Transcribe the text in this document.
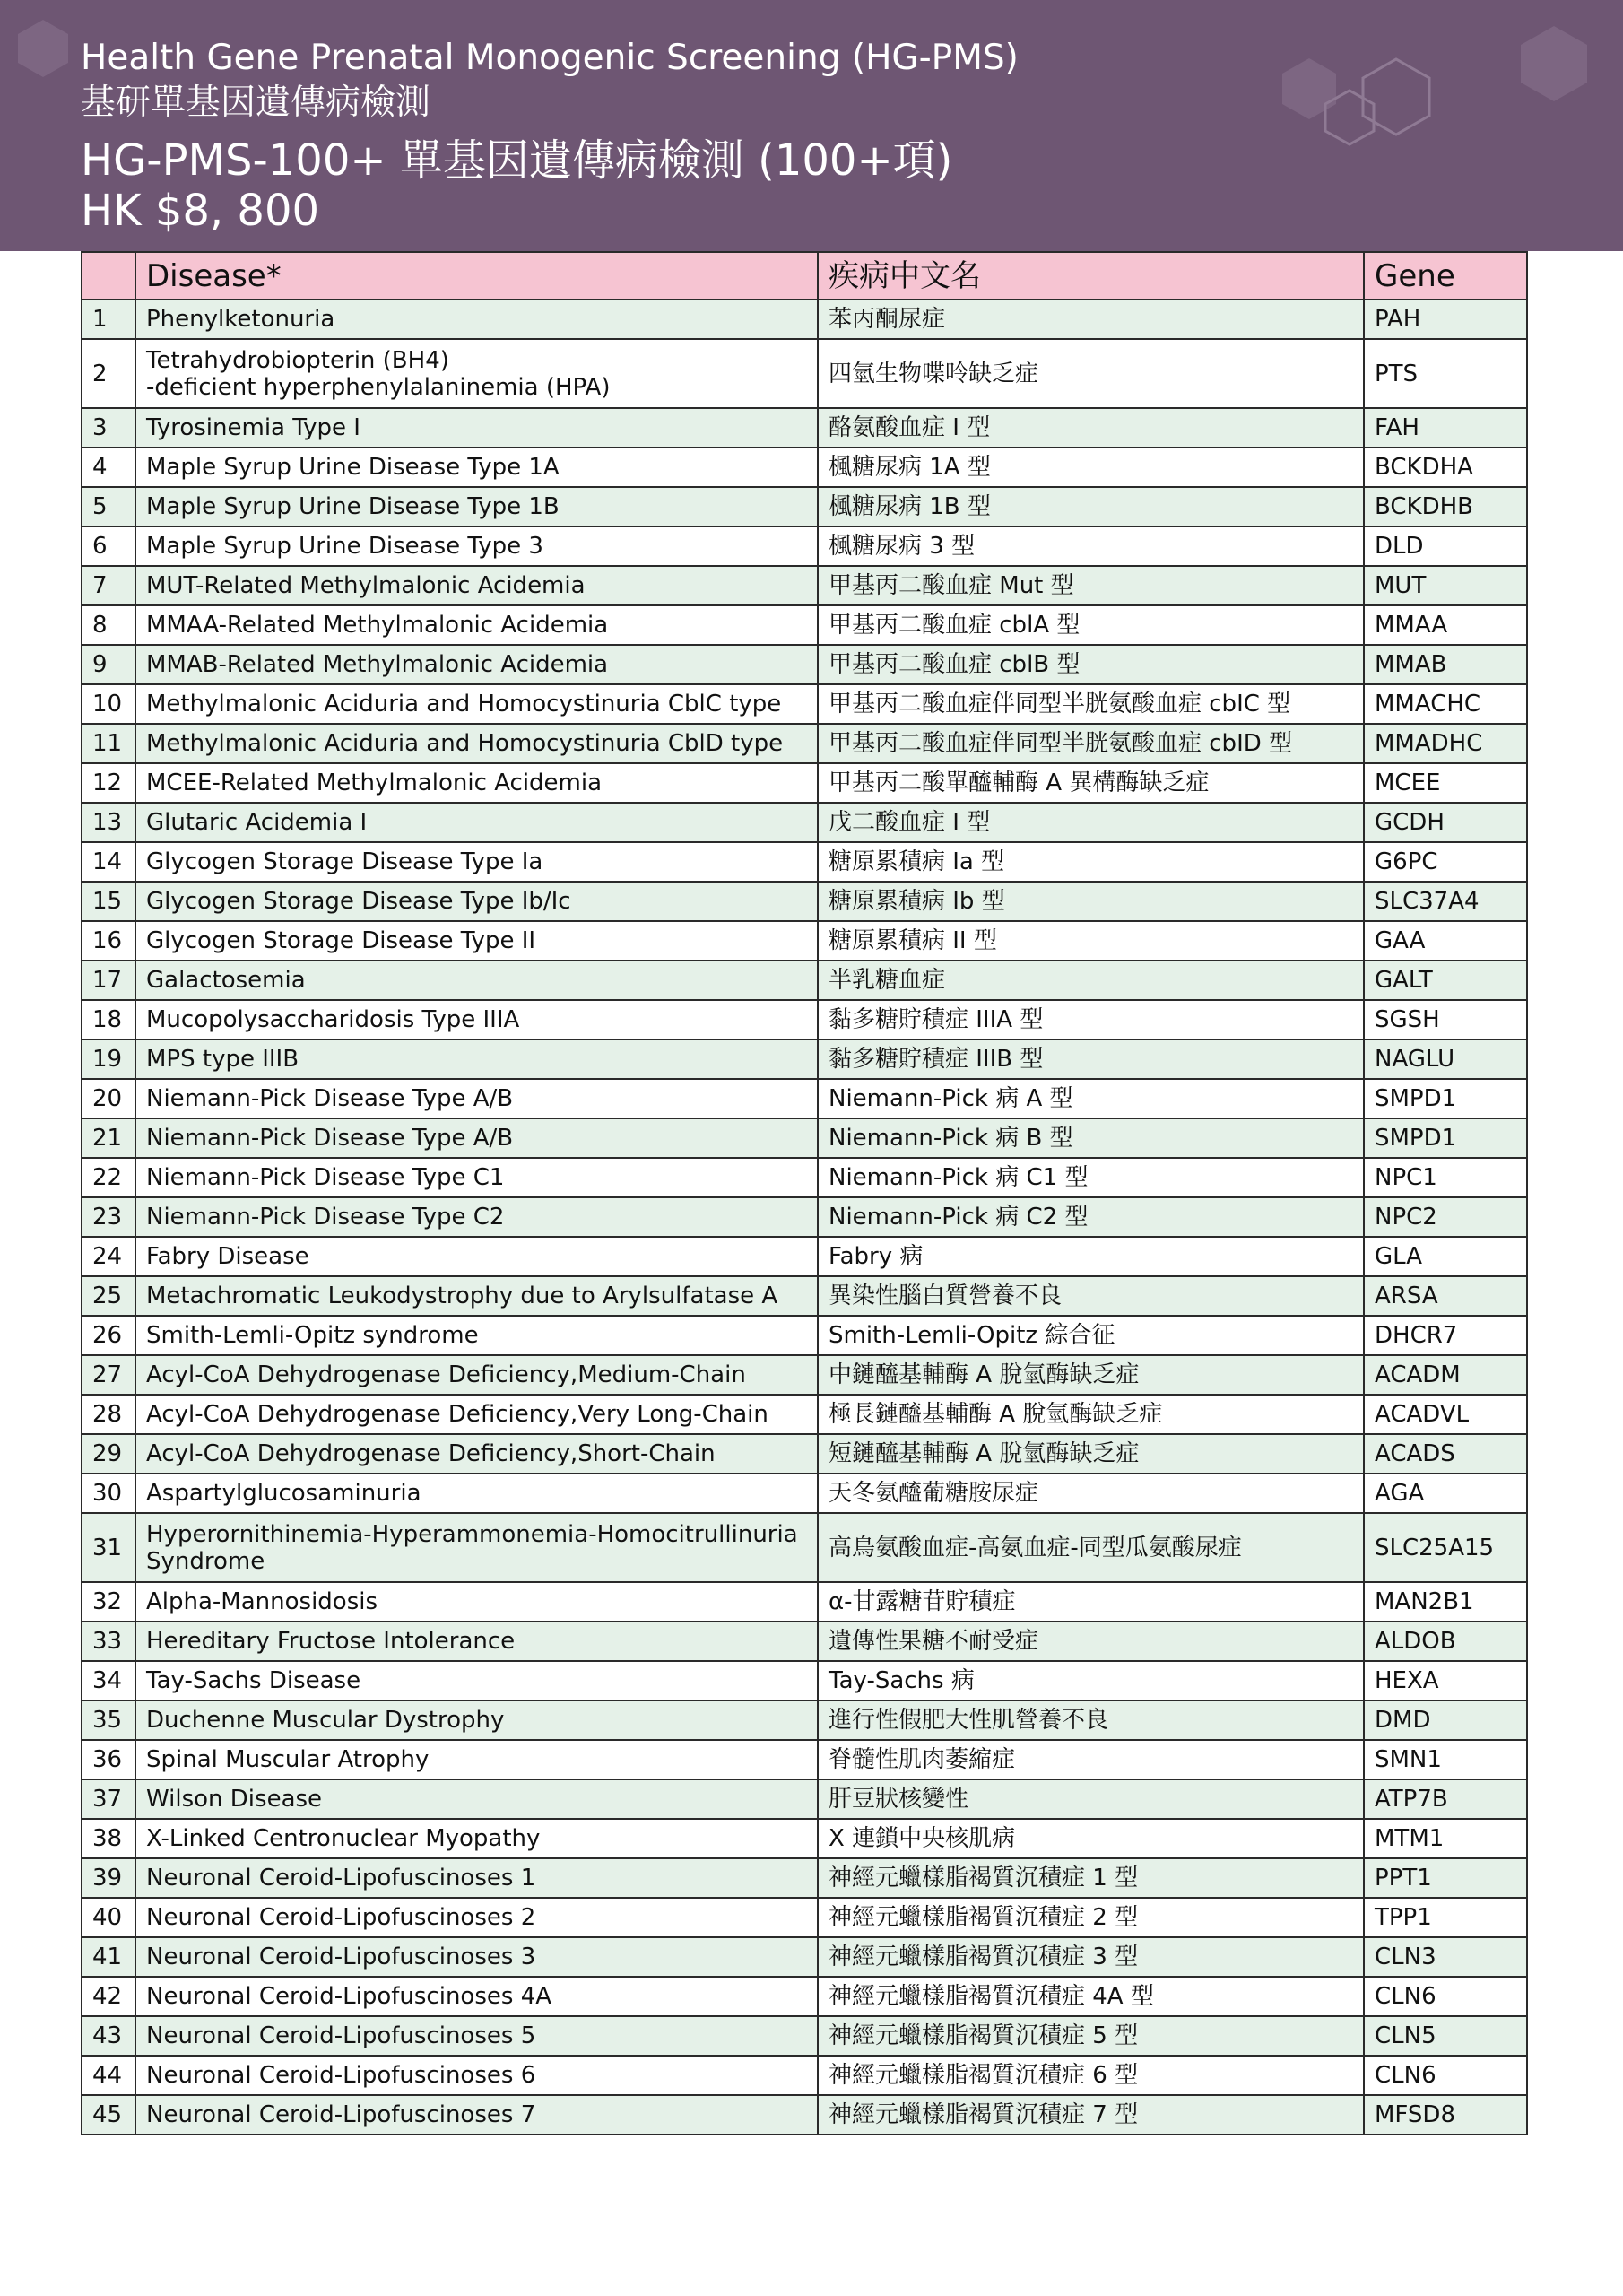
Health Gene Prenatal Monogenic Screening (HG-PMS)
基研單基因遺傳病檢測
HG-PMS-100+ 單基因遺傳病檢測 (100+項)
HK $8, 800
	Disease*	疾病中文名	Gene
1	Phenylketonuria	苯丙酮尿症	PAH
2	Tetrahydrobiopterin (BH4)
-deficient hyperphenylalaninemia (HPA)	四氫生物喋呤缺乏症	PTS
3	Tyrosinemia Type I	酪氨酸血症 I 型	FAH
4	Maple Syrup Urine Disease Type 1A	楓糖尿病 1A 型	BCKDHA
5	Maple Syrup Urine Disease Type 1B	楓糖尿病 1B 型	BCKDHB
6	Maple Syrup Urine Disease Type 3	楓糖尿病 3 型	DLD
7	MUT-Related Methylmalonic Acidemia	甲基丙二酸血症 Mut 型	MUT
8	MMAA-Related Methylmalonic Acidemia	甲基丙二酸血症 cblA 型	MMAA
9	MMAB-Related Methylmalonic Acidemia	甲基丙二酸血症 cblB 型	MMAB
10	Methylmalonic Aciduria and Homocystinuria CblC type	甲基丙二酸血症伴同型半胱氨酸血症 cbIC 型	MMACHC
11	Methylmalonic Aciduria and Homocystinuria CblD type	甲基丙二酸血症伴同型半胱氨酸血症 cbID 型	MMADHC
12	MCEE-Related Methylmalonic Acidemia	甲基丙二酸單醯輔酶 A 異構酶缺乏症	MCEE
13	Glutaric Acidemia I	戊二酸血症 I 型	GCDH
14	Glycogen Storage Disease Type Ia	糖原累積病 Ia 型	G6PC
15	Glycogen Storage Disease Type Ib/Ic	糖原累積病 Ib 型	SLC37A4
16	Glycogen Storage Disease Type II	糖原累積病 II 型	GAA
17	Galactosemia	半乳糖血症	GALT
18	Mucopolysaccharidosis Type IIIA	黏多糖貯積症 IIIA 型	SGSH
19	MPS type IIIB	黏多糖貯積症 IIIB 型	NAGLU
20	Niemann-Pick Disease Type A/B	Niemann-Pick 病 A 型	SMPD1
21	Niemann-Pick Disease Type A/B	Niemann-Pick 病 B 型	SMPD1
22	Niemann-Pick Disease Type C1	Niemann-Pick 病 C1 型	NPC1
23	Niemann-Pick Disease Type C2	Niemann-Pick 病 C2 型	NPC2
24	Fabry Disease	Fabry 病	GLA
25	Metachromatic Leukodystrophy due to Arylsulfatase A	異染性腦白質營養不良	ARSA
26	Smith-Lemli-Opitz syndrome	Smith-Lemli-Opitz 綜合征	DHCR7
27	Acyl-CoA Dehydrogenase Deficiency,Medium-Chain	中鏈醯基輔酶 A 脫氫酶缺乏症	ACADM
28	Acyl-CoA Dehydrogenase Deficiency,Very Long-Chain	極長鏈醯基輔酶 A 脫氫酶缺乏症	ACADVL
29	Acyl-CoA Dehydrogenase Deficiency,Short-Chain	短鏈醯基輔酶 A 脫氫酶缺乏症	ACADS
30	Aspartylglucosaminuria	天冬氨醯葡糖胺尿症	AGA
31	Hyperornithinemia-Hyperammonemia-Homocitrullinuria
Syndrome	高鳥氨酸血症-高氨血症-同型瓜氨酸尿症	SLC25A15
32	Alpha-Mannosidosis	α-甘露糖苷貯積症	MAN2B1
33	Hereditary Fructose Intolerance	遺傳性果糖不耐受症	ALDOB
34	Tay-Sachs Disease	Tay-Sachs 病	HEXA
35	Duchenne Muscular Dystrophy	進行性假肥大性肌營養不良	DMD
36	Spinal Muscular Atrophy	脊髓性肌肉萎縮症	SMN1
37	Wilson Disease	肝豆狀核變性	ATP7B
38	X-Linked Centronuclear Myopathy	X 連鎖中央核肌病	MTM1
39	Neuronal Ceroid-Lipofuscinoses 1	神經元蠟樣脂褐質沉積症 1 型	PPT1
40	Neuronal Ceroid-Lipofuscinoses 2	神經元蠟樣脂褐質沉積症 2 型	TPP1
41	Neuronal Ceroid-Lipofuscinoses 3	神經元蠟樣脂褐質沉積症 3 型	CLN3
42	Neuronal Ceroid-Lipofuscinoses 4A	神經元蠟樣脂褐質沉積症 4A 型	CLN6
43	Neuronal Ceroid-Lipofuscinoses 5	神經元蠟樣脂褐質沉積症 5 型	CLN5
44	Neuronal Ceroid-Lipofuscinoses 6	神經元蠟樣脂褐質沉積症 6 型	CLN6
45	Neuronal Ceroid-Lipofuscinoses 7	神經元蠟樣脂褐質沉積症 7 型	MFSD8
